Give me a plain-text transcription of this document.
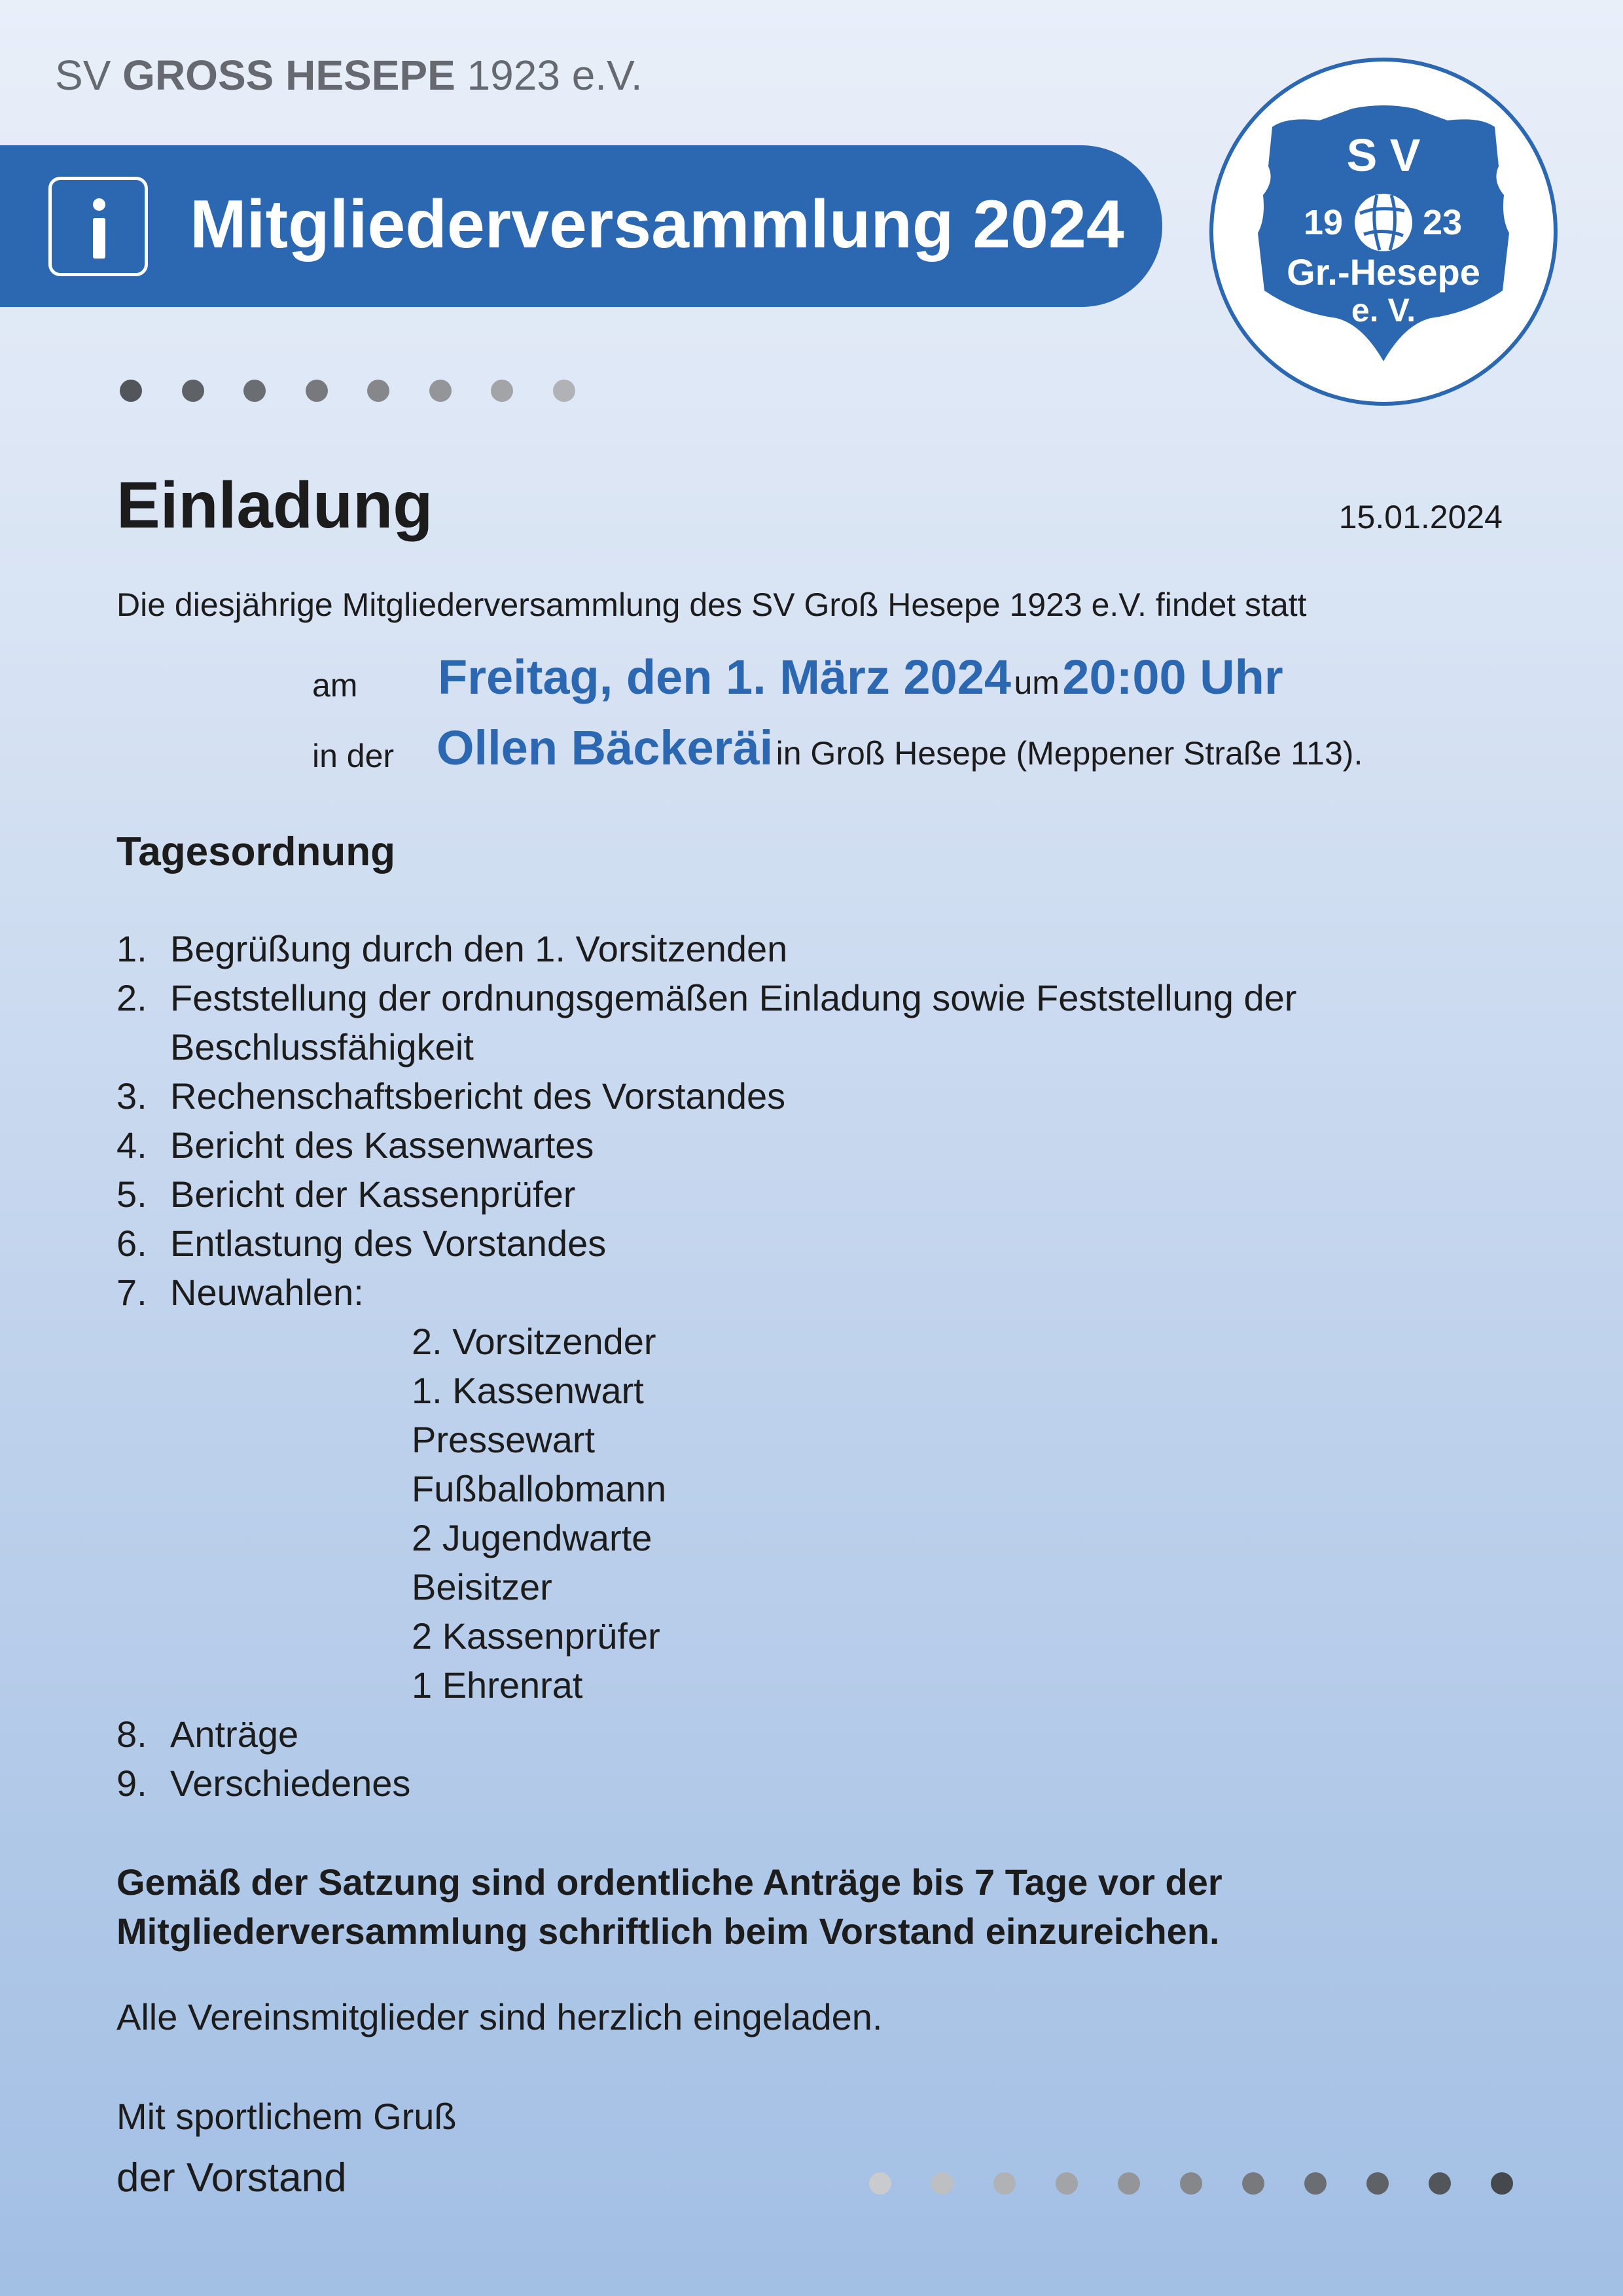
SV GROSS HESEPE 1923 e.V.
Mitgliederversammlung 2024
S V
19 23
Gr.-Hesepe
e. V.
Einladung	15.01.2024
Die diesjährige Mitgliederversammlung des SV Groß Hesepe 1923 e.V. findet statt
am Freitag, den 1. März 2024 um 20:00 Uhr
in der Ollen Bäckeräi in Groß Hesepe (Meppener Straße 113).
Tagesordnung
1. Begrüßung durch den 1. Vorsitzenden
2. Feststellung der ordnungsgemäßen Einladung sowie Feststellung der
Beschlussfähigkeit
3. Rechenschaftsbericht des Vorstandes
4. Bericht des Kassenwartes
5. Bericht der Kassenprüfer
6. Entlastung des Vorstandes
7. Neuwahlen:
2. Vorsitzender
1. Kassenwart
Pressewart
Fußballobmann
2 Jugendwarte
Beisitzer
2 Kassenprüfer
1 Ehrenrat
8. Anträge
9. Verschiedenes
Gemäß der Satzung sind ordentliche Anträge bis 7 Tage vor der
Mitgliederversammlung schriftlich beim Vorstand einzureichen.
Alle Vereinsmitglieder sind herzlich eingeladen.
Mit sportlichem Gruß
der Vorstand
